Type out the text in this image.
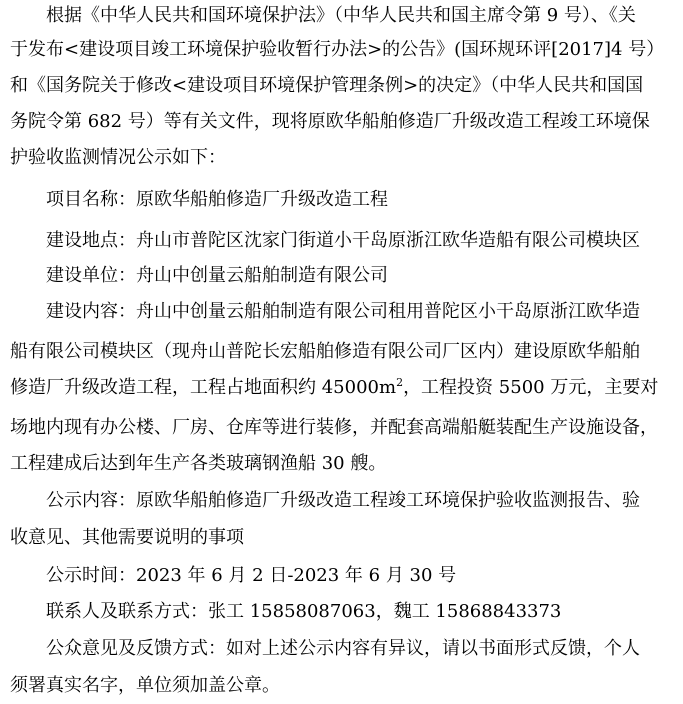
根据《中华人民共和国环境保护法》（中华人民共和国主席令第 9 号）、《关
于发布<建设项目竣工环境保护验收暂行办法>的公告》(国环规环评[2017]4 号）
和《国务院关于修改<建设项目环境保护管理条例>的决定》（中华人民共和国国
务院令第 682 号）等有关文件，现将原欧华船舶修造厂升级改造工程竣工环境保
护验收监测情况公示如下：
项目名称：原欧华船舶修造厂升级改造工程
建设地点：舟山市普陀区沈家门街道小干岛原浙江欧华造船有限公司模块区
建设单位：舟山中创量云船舶制造有限公司
建设内容：舟山中创量云船舶制造有限公司租用普陀区小干岛原浙江欧华造
船有限公司模块区（现舟山普陀长宏船舶修造有限公司厂区内）建设原欧华船舶
修造厂升级改造工程，工程占地面积约 $45000m^2$，工程投资 5500 万元，主要对
场地内现有办公楼、厂房、仓库等进行装修，并配套高端船艇装配生产设施设备，
工程建成后达到年生产各类玻璃钢渔船 30 艘。
公示内容：原欧华船舶修造厂升级改造工程竣工环境保护验收监测报告、验
收意见、其他需要说明的事项
公示时间：2023 年 6 月 2 日-2023 年 6 月 30 号
联系人及联系方式：张工 15858087063，魏工 15868843373
公众意见及反馈方式：如对上述公示内容有异议，请以书面形式反馈，个人
须署真实名字，单位须加盖公章。
